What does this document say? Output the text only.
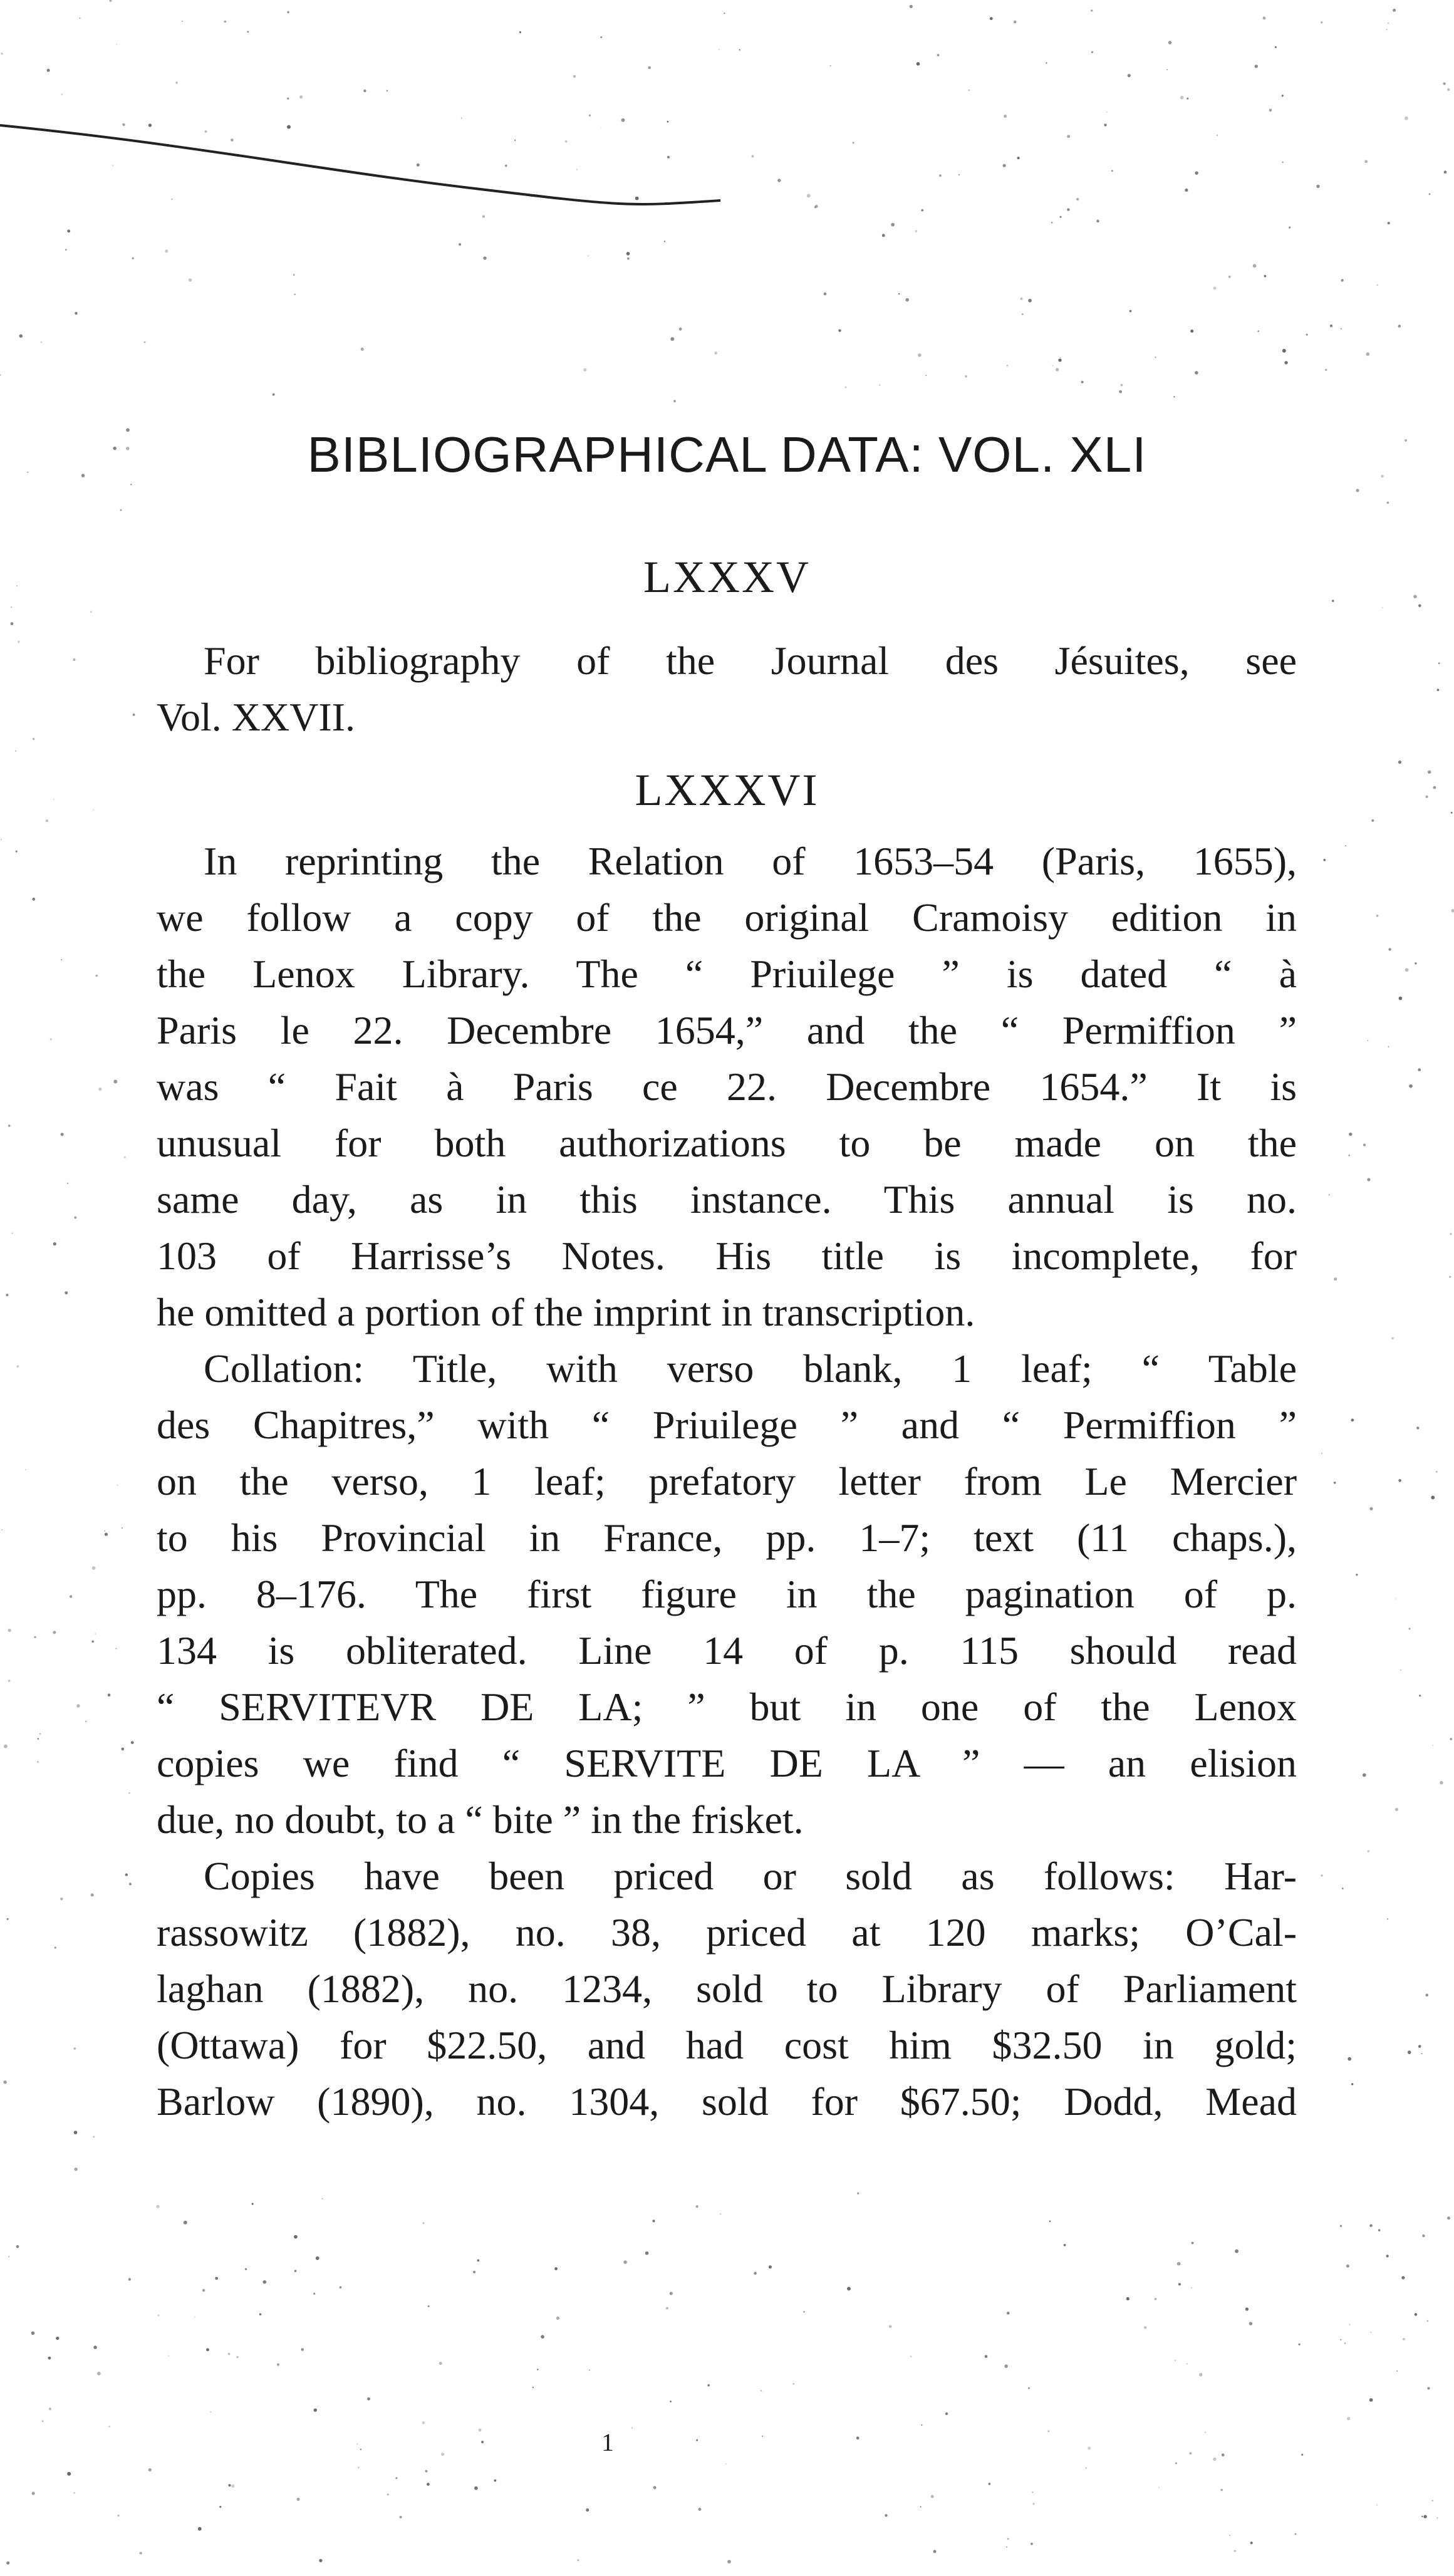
BIBLIOGRAPHICAL DATA: VOL. XLI
LXXXV
For bibliography of the Journal des Jésuites, see
Vol. XXVII.
LXXXVI
In reprinting the Relation of 1653–54 (Paris, 1655),
we follow a copy of the original Cramoisy edition in
the Lenox Library. The “ Priuilege ” is dated “ à
Paris le 22. Decembre 1654,” and the “ Permiffion ”
was “ Fait à Paris ce 22. Decembre 1654.” It is
unusual for both authorizations to be made on the
same day, as in this instance. This annual is no.
103 of Harrisse’s Notes. His title is incomplete, for
he omitted a portion of the imprint in transcription.
Collation: Title, with verso blank, 1 leaf; “ Table
des Chapitres,” with “ Priuilege ” and “ Permiffion ”
on the verso, 1 leaf; prefatory letter from Le Mercier
to his Provincial in France, pp. 1–7; text (11 chaps.),
pp. 8–176. The first figure in the pagination of p.
134 is obliterated. Line 14 of p. 115 should read
“ SERVITEVR DE LA; ” but in one of the Lenox
copies we find “ SERVITE DE LA ” — an elision
due, no doubt, to a “ bite ” in the frisket.
Copies have been priced or sold as follows: Har-
rassowitz (1882), no. 38, priced at 120 marks; O’Cal-
laghan (1882), no. 1234, sold to Library of Parliament
(Ottawa) for $22.50, and had cost him $32.50 in gold;
Barlow (1890), no. 1304, sold for $67.50; Dodd, Mead
1
